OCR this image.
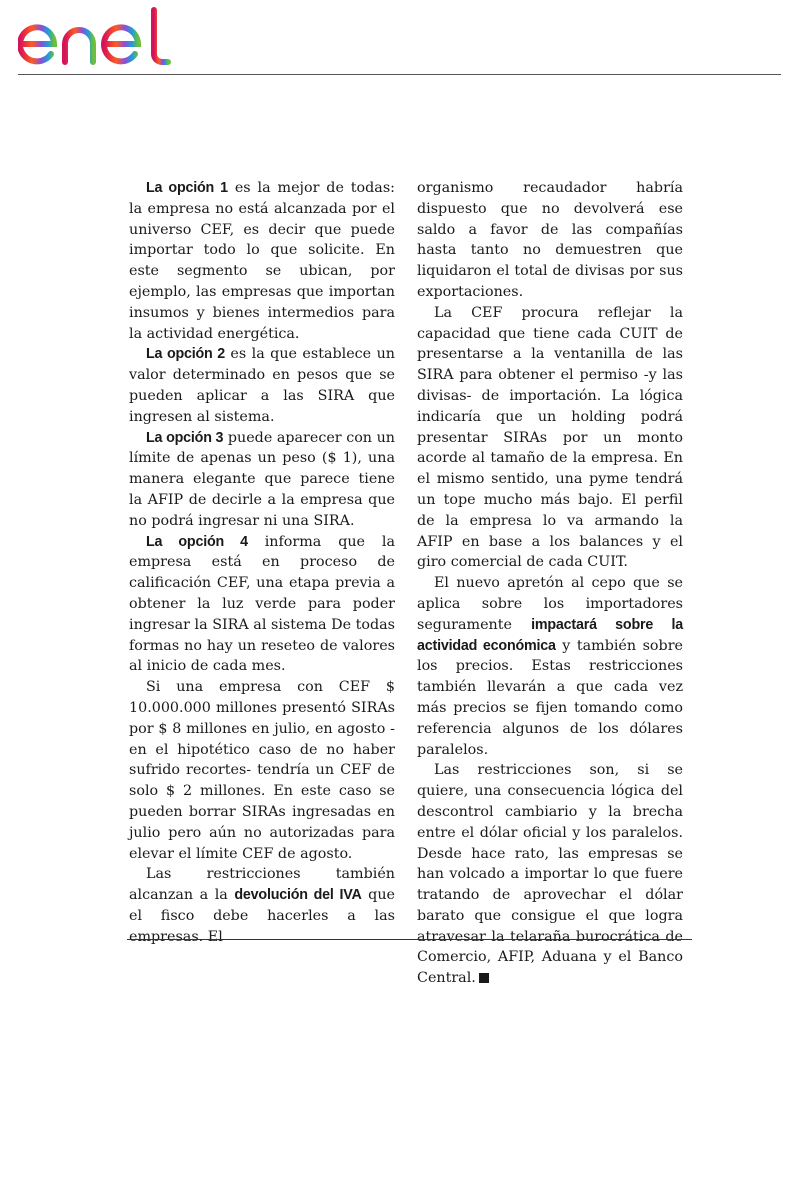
La opción 1 es la mejor de todas: la empresa no está alcanzada por el universo CEF, es decir que puede importar todo lo que solicite. En este segmento se ubican, por ejemplo, las empresas que importan insumos y bienes intermedios para la actividad energética.

La opción 2 es la que establece un valor determinado en pesos que se pueden aplicar a las SIRA que ingresen al sistema.

La opción 3 puede aparecer con un límite de apenas un peso ($ 1), una manera elegante que parece tiene la AFIP de decirle a la empresa que no podrá ingresar ni una SIRA.

La opción 4 informa que la empresa está en proceso de calificación CEF, una etapa previa a obtener la luz verde para poder ingresar la SIRA al sistema De todas formas no hay un reseteo de valores al inicio de cada mes.

Si una empresa con CEF $ 10.000.000 millones presentó SIRAs por $ 8 millones en julio, en agosto - en el hipotético caso de no haber sufrido recortes- tendría un CEF de solo $ 2 millones. En este caso se pueden borrar SIRAs ingresadas en julio pero aún no autorizadas para elevar el límite CEF de agosto.

Las restricciones también alcanzan a la devolución del IVA que el fisco debe hacerles a las empresas. El

organismo recaudador habría dispuesto que no devolverá ese saldo a favor de las compañías hasta tanto no demuestren que liquidaron el total de divisas por sus exportaciones.

La CEF procura reflejar la capacidad que tiene cada CUIT de presentarse a la ventanilla de las SIRA para obtener el permiso -y las divisas- de importación. La lógica indicaría que un holding podrá presentar SIRAs por un monto acorde al tamaño de la empresa. En el mismo sentido, una pyme tendrá un tope mucho más bajo. El perfil de la empresa lo va armando la AFIP en base a los balances y el giro comercial de cada CUIT.

El nuevo apretón al cepo que se aplica sobre los importadores seguramente impactará sobre la actividad económica y también sobre los precios. Estas restricciones también llevarán a que cada vez más precios se fijen tomando como referencia algunos de los dólares paralelos.

Las restricciones son, si se quiere, una consecuencia lógica del descontrol cambiario y la brecha entre el dólar oficial y los paralelos. Desde hace rato, las empresas se han volcado a importar lo que fuere tratando de aprovechar el dólar barato que consigue el que logra atravesar la telaraña burocrática de Comercio, AFIP, Aduana y el Banco Central.
